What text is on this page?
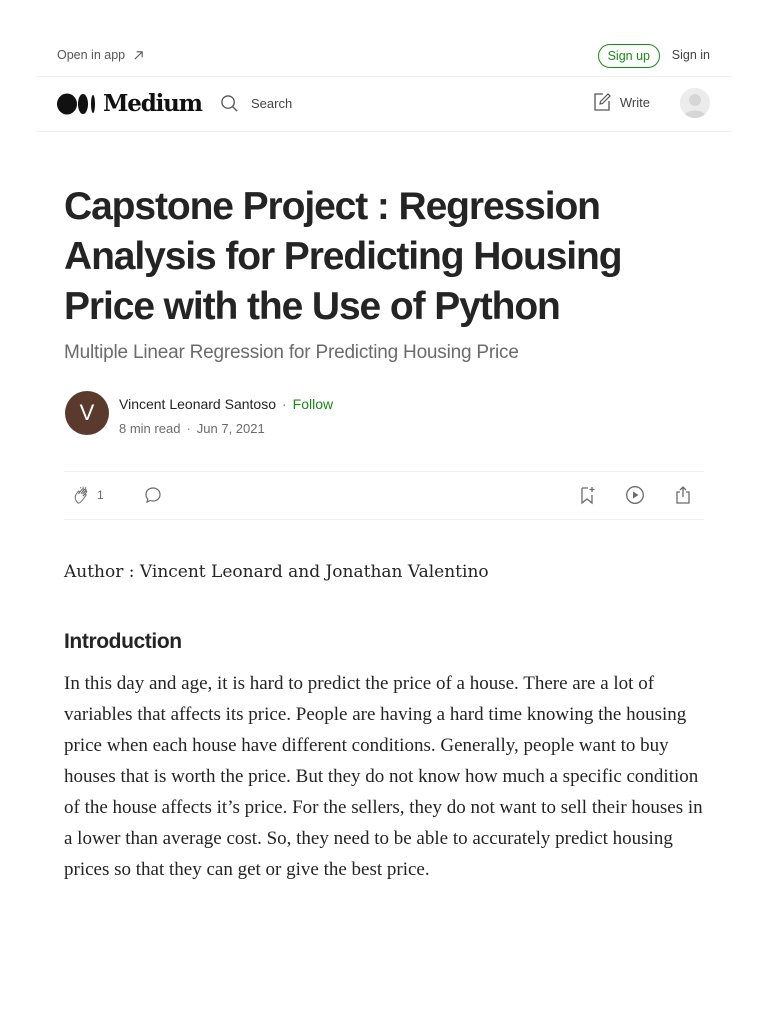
Open in app	Sign up	Sign in
Medium	Search	Write
Capstone Project : Regression Analysis for Predicting Housing Price with the Use of Python
Multiple Linear Regression for Predicting Housing Price
V	Vincent Leonard Santoso · Follow
8 min read · Jun 7, 2021
1
Author : Vincent Leonard and Jonathan Valentino
Introduction

In this day and age, it is hard to predict the price of a house. There are a lot of variables that affects its price. People are having a hard time knowing the housing price when each house have different conditions. Generally, people want to buy houses that is worth the price. But they do not know how much a specific condition of the house affects it’s price. For the sellers, they do not want to sell their houses in a lower than average cost. So, they need to be able to accurately predict housing prices so that they can get or give the best price.
